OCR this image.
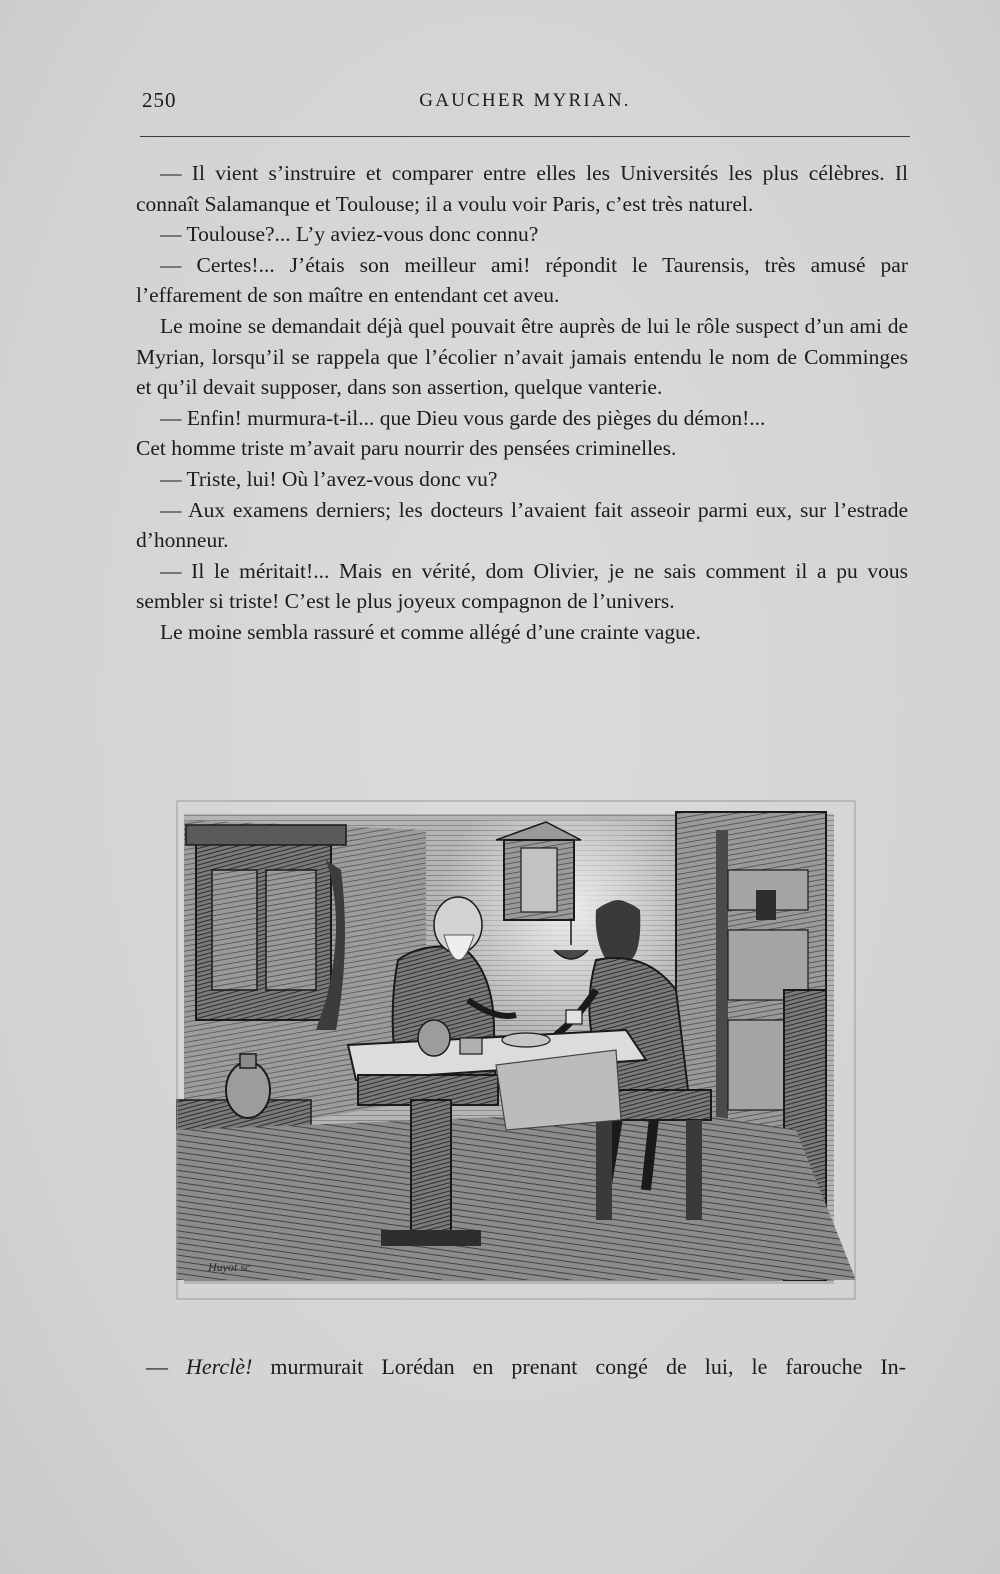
250	GAUCHER MYRIAN.

— Il vient s’instruire et comparer entre elles les Universités les plus célèbres. Il connaît Salamanque et Toulouse; il a voulu voir Paris, c’est très naturel.

— Toulouse?... L’y aviez-vous donc connu?

— Certes!... J’étais son meilleur ami! répondit le Taurensis, très amusé par l’effarement de son maître en entendant cet aveu.

Le moine se demandait déjà quel pouvait être auprès de lui le rôle suspect d’un ami de Myrian, lorsqu’il se rappela que l’écolier n’avait jamais entendu le nom de Comminges et qu’il devait supposer, dans son assertion, quelque vanterie.

— Enfin! murmura-t-il... que Dieu vous garde des pièges du démon!...

Cet homme triste m’avait paru nourrir des pensées criminelles.

— Triste, lui! Où l’avez-vous donc vu?

— Aux examens derniers; les docteurs l’avaient fait asseoir parmi eux, sur l’estrade d’honneur.

— Il le méritait!... Mais en vérité, dom Olivier, je ne sais comment il a pu vous sembler si triste! C’est le plus joyeux compagnon de l’univers.

Le moine sembla rassuré et comme allégé d’une crainte vague.

Huyot sc

— Herclè! murmurait Lorédan en prenant congé de lui, le farouche In-
